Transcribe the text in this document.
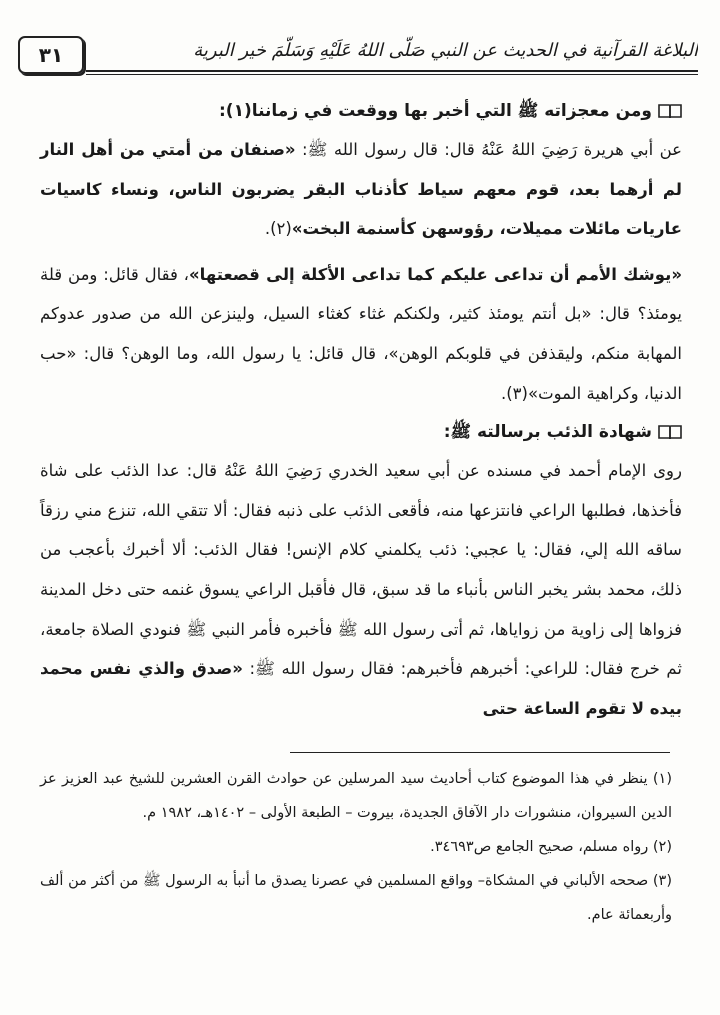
٣١	البلاغة القرآنية في الحديث عن النبي صَلَّى اللهُ عَلَيْهِ وَسَلَّمَ خير البرية
ومن معجزاته ﷺ التي أخبر بها ووقعت في زماننا(١):

عن أبي هريرة رَضِيَ اللهُ عَنْهُ قال: قال رسول الله ﷺ: «صنفان من أمتي من أهل النار لم أرهما بعد، قوم معهم سياط كأذناب البقر يضربون الناس، ونساء كاسيات عاريات مائلات مميلات، رؤوسهن كأسنمة البخت»(٢).

«يوشك الأمم أن تداعى عليكم كما تداعى الأكلة إلى قصعتها»، فقال قائل: ومن قلة يومئذ؟ قال: «بل أنتم يومئذ كثير، ولكنكم غثاء كغثاء السيل، ولينزعن الله من صدور عدوكم المهابة منكم، وليقذفن في قلوبكم الوهن»، قال قائل: يا رسول الله، وما الوهن؟ قال: «حب الدنيا، وكراهية الموت»(٣).

شهادة الذئب برسالته ﷺ:

روى الإمام أحمد في مسنده عن أبي سعيد الخدري رَضِيَ اللهُ عَنْهُ قال: عدا الذئب على شاة فأخذها، فطلبها الراعي فانتزعها منه، فأقعى الذئب على ذنبه فقال: ألا تتقي الله، تنزع مني رزقاً ساقه الله إلي، فقال: يا عجبي: ذئب يكلمني كلام الإنس! فقال الذئب: ألا أخبرك بأعجب من ذلك، محمد بشر يخبر الناس بأنباء ما قد سبق، قال فأقبل الراعي يسوق غنمه حتى دخل المدينة فزواها إلى زاوية من زواياها، ثم أتى رسول الله ﷺ فأخبره فأمر النبي ﷺ فنودي الصلاة جامعة، ثم خرج فقال: للراعي: أخبرهم فأخبرهم: فقال رسول الله ﷺ: «صدق والذي نفس محمد بيده لا تقوم الساعة حتى

(١) ينظر في هذا الموضوع كتاب أحاديث سيد المرسلين عن حوادث القرن العشرين للشيخ عبد العزيز عز الدين السيروان، منشورات دار الآفاق الجديدة، بيروت – الطبعة الأولى – ١٤٠٢هـ، ١٩٨٢ م.

(٢) رواه مسلم، صحيح الجامع ص٣٤٦٩٣.

(٣) صححه الألباني في المشكاة– وواقع المسلمين في عصرنا يصدق ما أنبأ به الرسول ﷺ من أكثر من ألف وأربعمائة عام.
